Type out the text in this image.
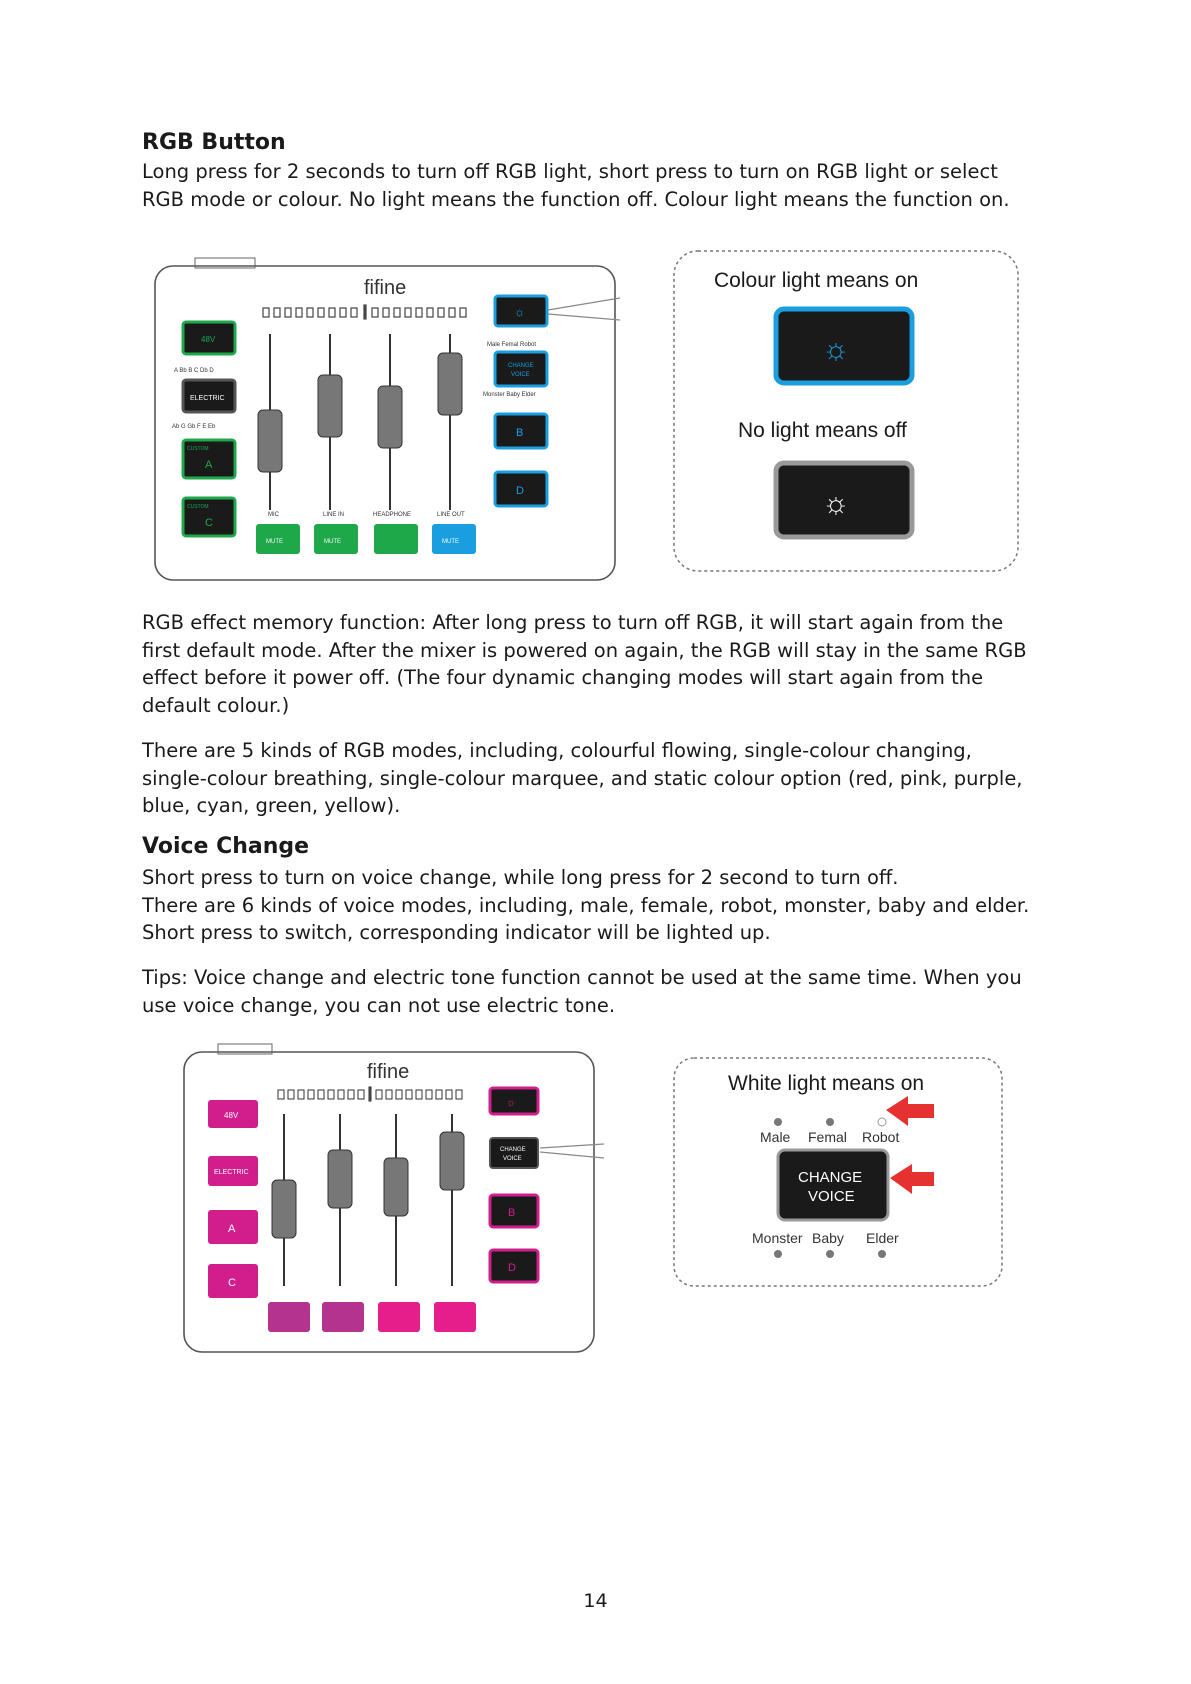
RGB Button
Long press for 2 seconds to turn off RGB light, short press to turn on RGB light or select
RGB mode or colour. No light means the function off. Colour light means the function on.
fifine
48V
A Bb B C Db D
ELECTRIC
Ab G Gb F E Eb
CUSTOM
A
CUSTOM
C
MIC	LINE IN	HEADPHONE	LINE OUT
MUTE	MUTE	MUTE
☼
Male Femal Robot
CHANGE
VOICE
Monster Baby Elder
B
D
Colour light means on
☼
No light means off
☼
RGB effect memory function: After long press to turn off RGB, it will start again from the
first default mode. After the mixer is powered on again, the RGB will stay in the same RGB
effect before it power off. (The four dynamic changing modes will start again from the
default colour.)
There are 5 kinds of RGB modes, including, colourful flowing, single-colour changing,
single-colour breathing, single-colour marquee, and static colour option (red, pink, purple,
blue, cyan, green, yellow).
Voice Change
Short press to turn on voice change, while long press for 2 second to turn off.
There are 6 kinds of voice modes, including, male, female, robot, monster, baby and elder.
Short press to switch, corresponding indicator will be lighted up.
Tips: Voice change and electric tone function cannot be used at the same time. When you
use voice change, you can not use electric tone.
fifine
48V
ELECTRIC
A
C
☼
CHANGE
VOICE
B
D
White light means on
Male Femal Robot
CHANGE
VOICE
Monster Baby Elder
14
